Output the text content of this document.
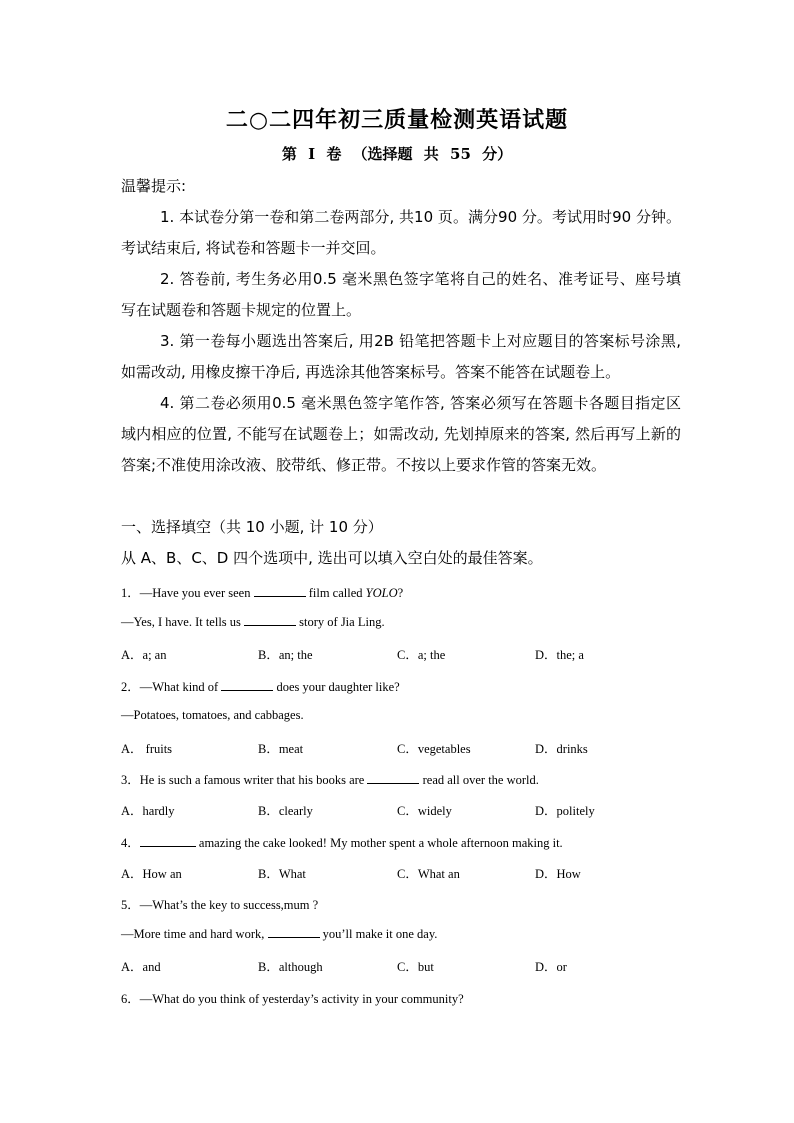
二○二四年初三质量检测英语试题
第 I 卷 （选择题 共 55 分）
温馨提示:
1. 本试卷分第一卷和第二卷两部分, 共10 页。满分90 分。考试用时90 分钟。考试结束后, 将试卷和答题卡一并交回。
2. 答卷前, 考生务必用0.5 毫米黑色签字笔将自己的姓名、准考证号、座号填写在试题卷和答题卡规定的位置上。
3. 第一卷每小题选出答案后, 用2B 铅笔把答题卡上对应题目的答案标号涂黑,如需改动, 用橡皮擦干净后, 再选涂其他答案标号。答案不能答在试题卷上。
4. 第二卷必须用0.5 毫米黑色签字笔作答, 答案必须写在答题卡各题目指定区域内相应的位置, 不能写在试题卷上；如需改动, 先划掉原来的答案, 然后再写上新的答案;不准使用涂改液、胶带纸、修正带。不按以上要求作管的答案无效。
一、选择填空（共 10 小题, 计 10 分）
从 A、B、C、D 四个选项中, 选出可以填入空白处的最佳答案。
1．—Have you ever seen	film called YOLO?
—Yes, I have. It tells us	story of Jia Ling.
A．a; an	B．an; the	C．a; the	D．the; a
2．—What kind of	does your daughter like?
—Potatoes, tomatoes, and cabbages.
A． fruits	B．meat	C．vegetables	D．drinks
3．He is such a famous writer that his books are	read all over the world.
A．hardly	B．clearly	C．widely	D．politely
4．	amazing the cake looked! My mother spent a whole afternoon making it.
A．How an	B．What	C．What an	D．How
5．—What’s the key to success,mum ?
—More time and hard work,	you’ll make it one day.
A．and	B．although	C．but	D．or
6．—What do you think of yesterday’s activity in your community?
